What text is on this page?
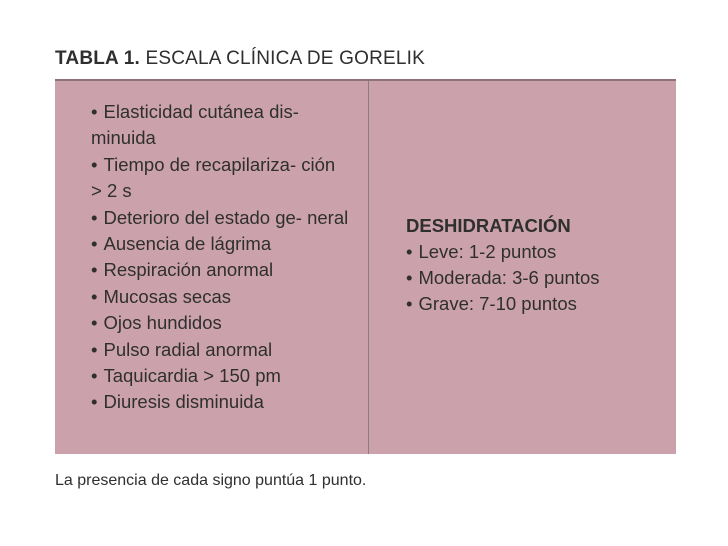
TABLA 1. ESCALA CLÍNICA DE GORELIK
• Elasticidad cutánea dis- minuida
• Tiempo de recapilariza- ción > 2 s
• Deterioro del estado ge- neral
• Ausencia de lágrima
• Respiración anormal
• Mucosas secas
• Ojos hundidos
• Pulso radial anormal
• Taquicardia > 150 pm
• Diuresis disminuida
DESHIDRATACIÓN
• Leve: 1-2 puntos
• Moderada: 3-6 puntos
• Grave: 7-10 puntos
La presencia de cada signo puntúa 1 punto.
